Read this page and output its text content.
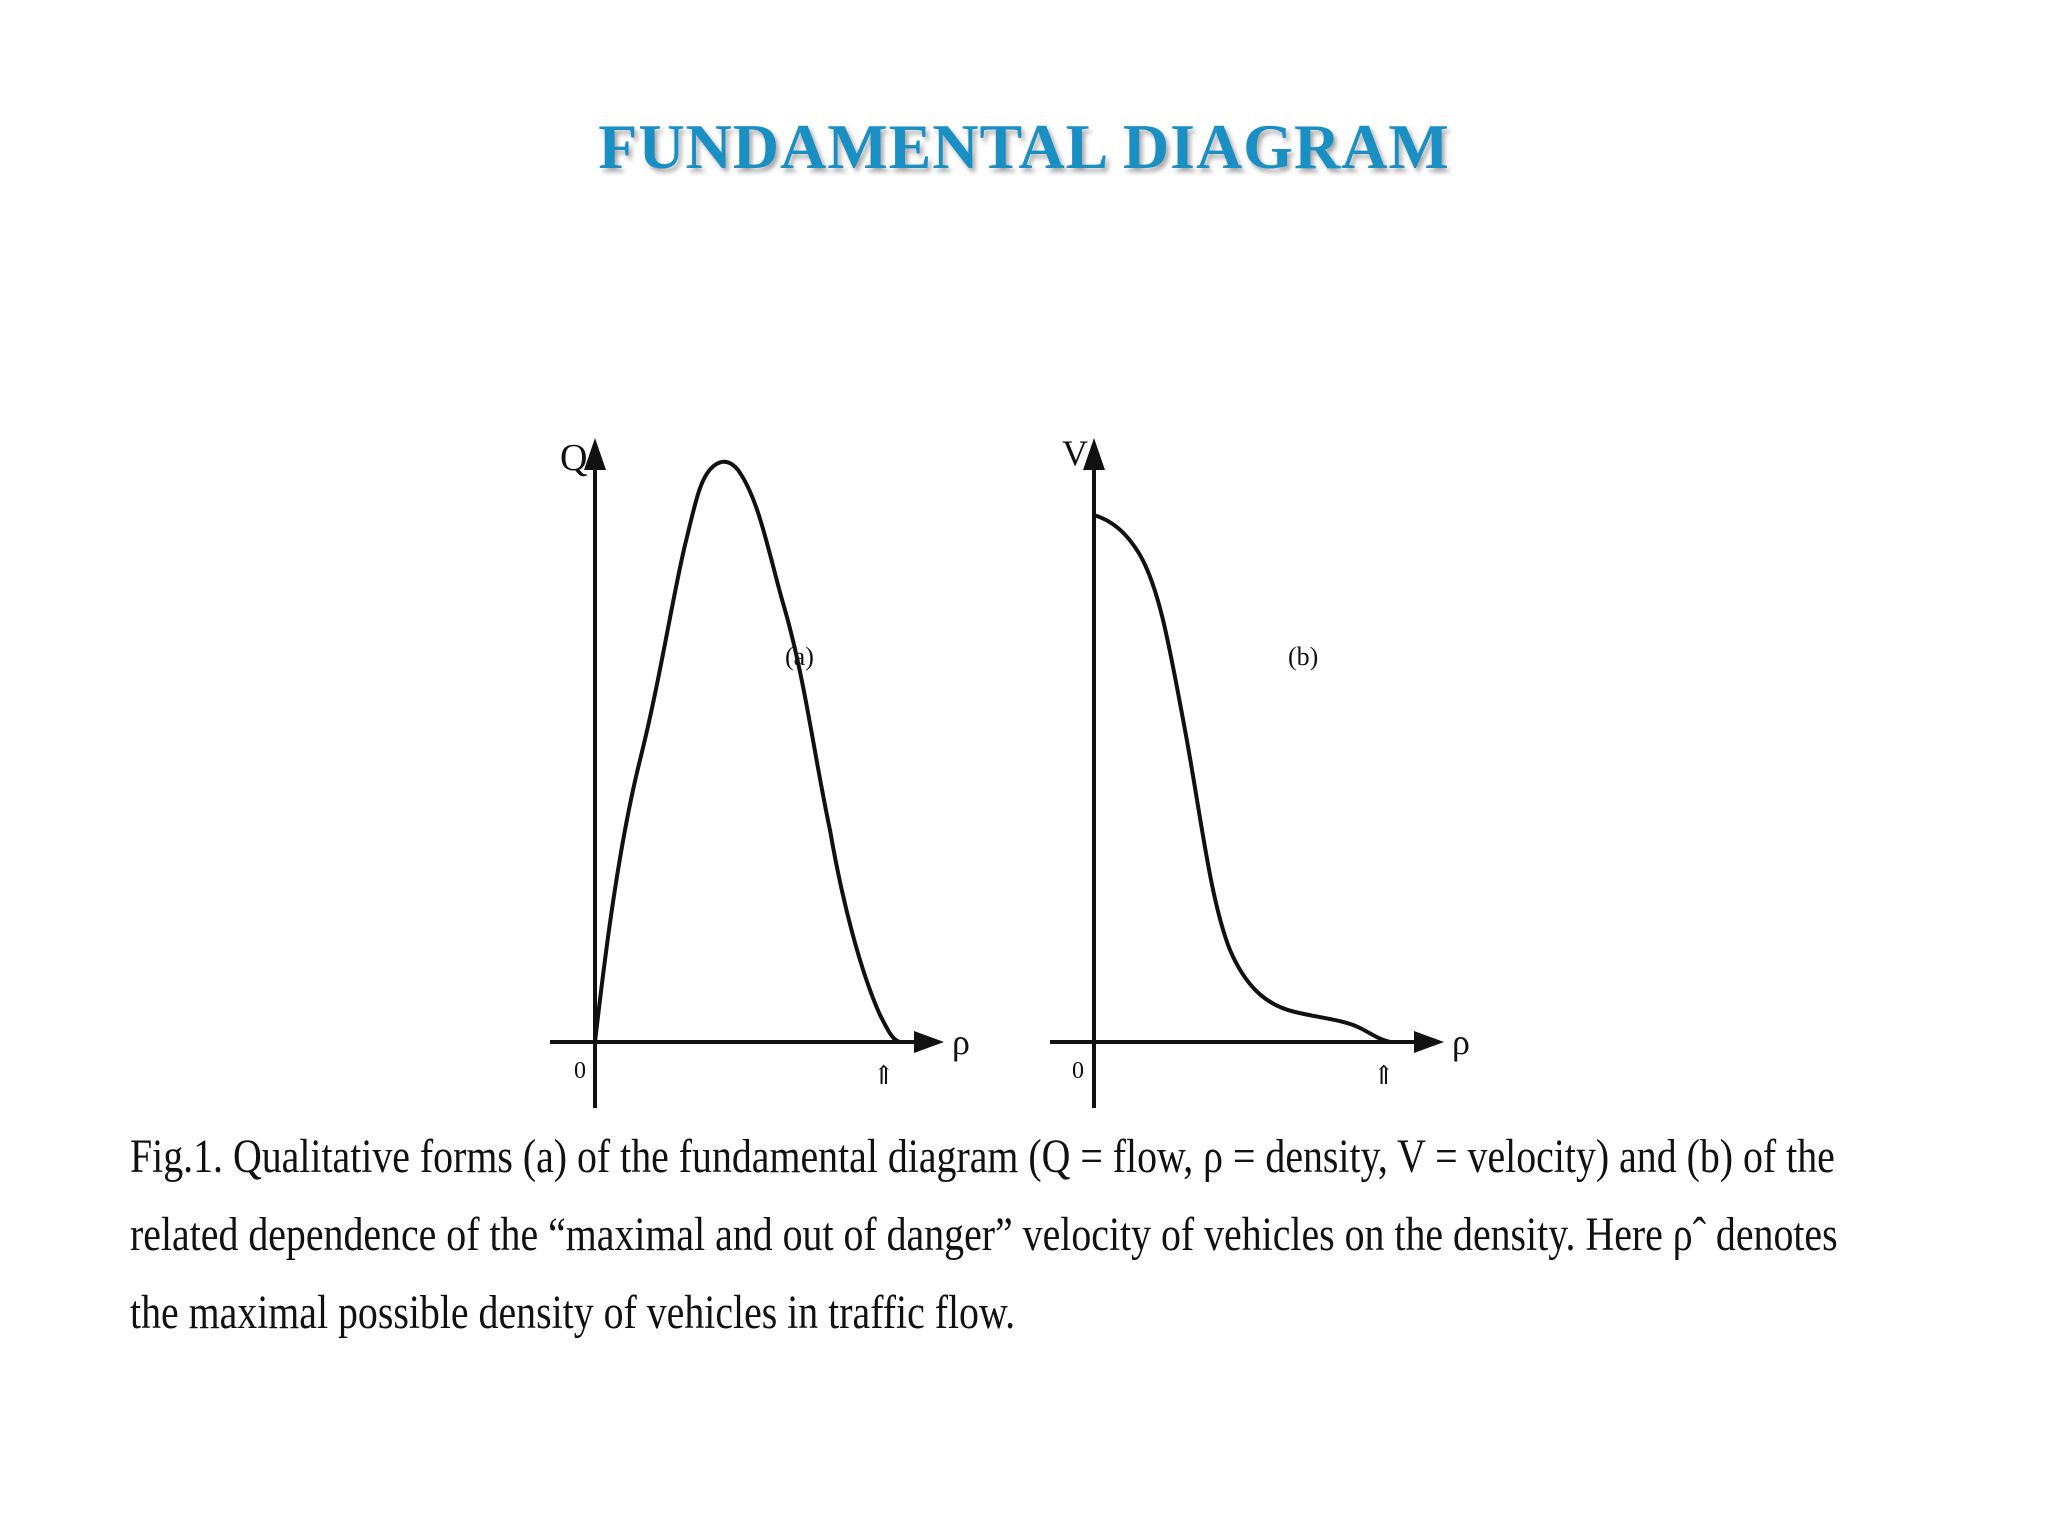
FUNDAMENTAL DIAGRAM
Q
ρ
0	⇑
(a)
V
ρ
0	⇑
(b)
Fig.1. Qualitative forms (a) of the fundamental diagram (Q = flow, ρ = density, V = velocity) and (b) of the
related dependence of the “maximal and out of danger” velocity of vehicles on the density. Here ρˆ denotes
the maximal possible density of vehicles in traffic flow.
